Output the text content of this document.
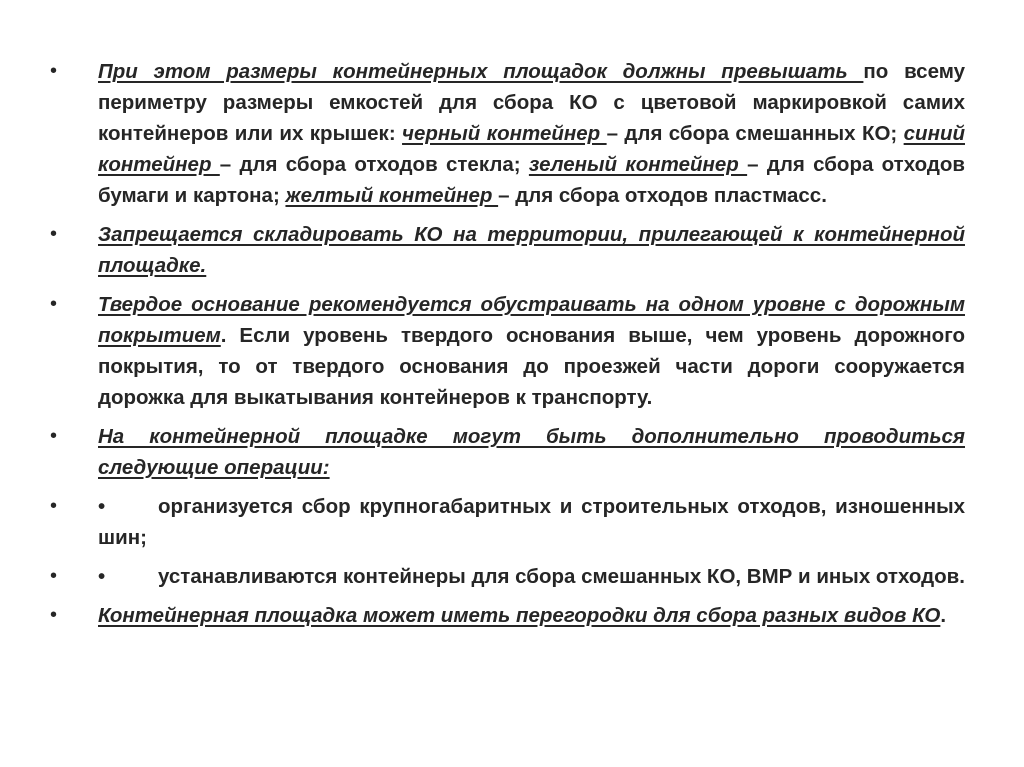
•	При этом размеры контейнерных площадок должны превышать по всему периметру размеры емкостей для сбора КО с цветовой маркировкой самих контейнеров или их крышек: черный контейнер – для сбора смешанных КО; синий контейнер – для сбора отходов стекла; зеленый контейнер – для сбора отходов бумаги и картона; желтый контейнер – для сбора отходов пластмасс.
•	Запрещается складировать КО на территории, прилегающей к контейнерной площадке.
•	Твердое основание рекомендуется обустраивать на одном уровне с дорожным покрытием. Если уровень твердого основания выше, чем уровень дорожного покрытия, то от твердого основания до проезжей части дороги сооружается дорожка для выкатывания контейнеров к транспорту.
•	На контейнерной площадке могут быть дополнительно проводиться следующие операции:
•	•	организуется сбор крупногабаритных и строительных отходов, изношенных шин;
•	•	устанавливаются контейнеры для сбора смешанных КО, ВМР и иных отходов.
•	Контейнерная площадка может иметь перегородки для сбора разных видов КО.
